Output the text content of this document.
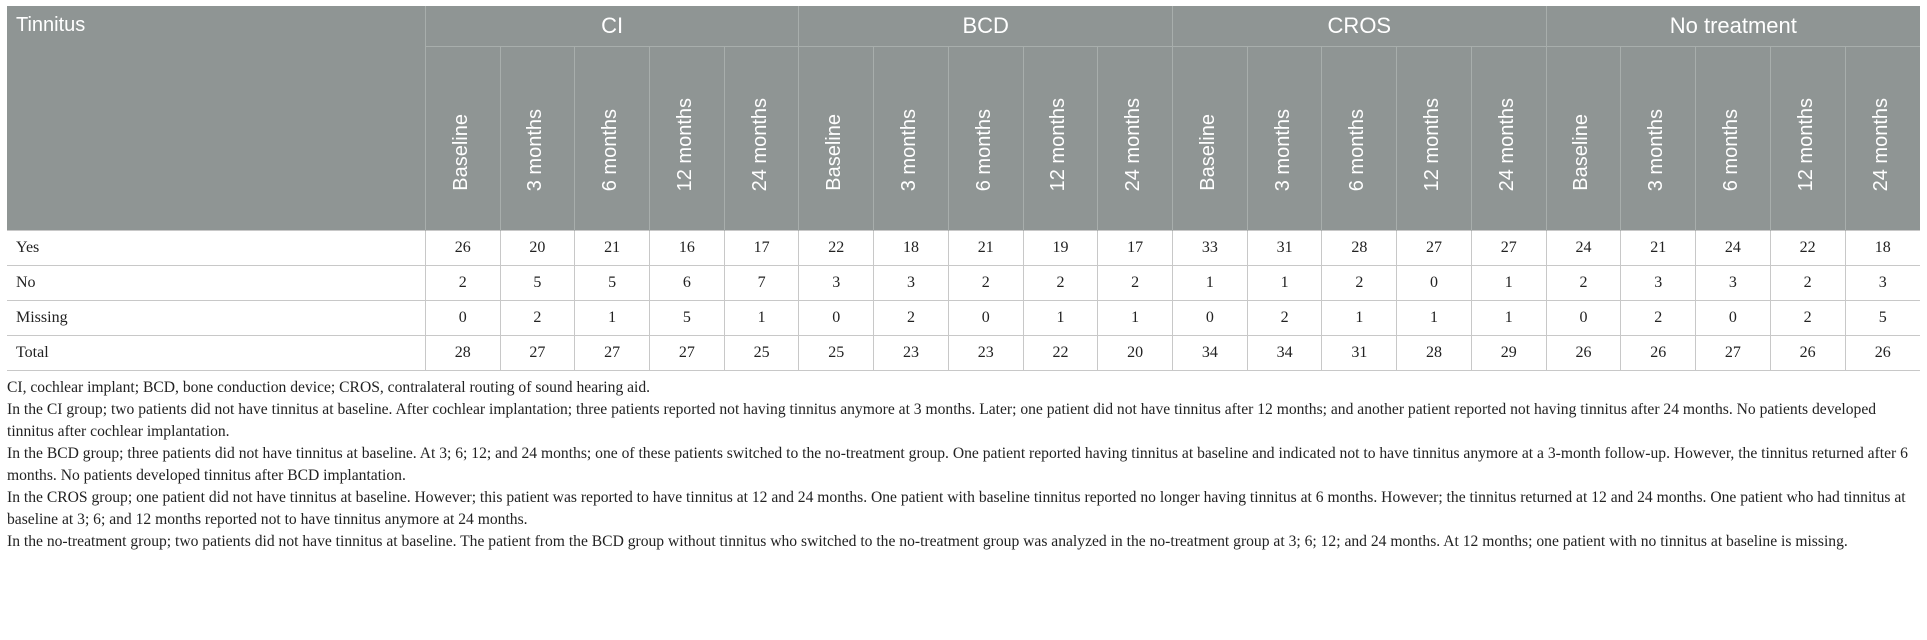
Tinnitus	CI					BCD					CROS					No treatment				

	Baseline	3 months	6 months	12 months	24 months	Baseline	3 months	6 months	12 months	24 months	Baseline	3 months	6 months	12 months	24 months	Baseline	3 months	6 months	12 months	24 months

Yes	26	20	21	16	17	22	18	21	19	17	33	31	28	27	27	24	21	24	22	18
No	2	5	5	6	7	3	3	2	2	2	1	1	2	0	1	2	3	3	2	3
Missing	0	2	1	5	1	0	2	0	1	1	0	2	1	1	1	0	2	0	2	5
Total	28	27	27	27	25	25	23	23	22	20	34	34	31	28	29	26	26	27	26	26

CI, cochlear implant; BCD, bone conduction device; CROS, contralateral routing of sound hearing aid.

In the CI group; two patients did not have tinnitus at baseline. After cochlear implantation; three patients reported not having tinnitus anymore at 3 months. Later; one patient did not have tinnitus after 12 months; and another patient reported not having tinnitus after 24 months. No patients developed tinnitus after cochlear implantation.

In the BCD group; three patients did not have tinnitus at baseline. At 3; 6; 12; and 24 months; one of these patients switched to the no-treatment group. One patient reported having tinnitus at baseline and indicated not to have tinnitus anymore at a 3-month follow-up. However, the tinnitus returned after 6 months. No patients developed tinnitus after BCD implantation.

In the CROS group; one patient did not have tinnitus at baseline. However; this patient was reported to have tinnitus at 12 and 24 months. One patient with baseline tinnitus reported no longer having tinnitus at 6 months. However; the tinnitus returned at 12 and 24 months. One patient who had tinnitus at baseline at 3; 6; and 12 months reported not to have tinnitus anymore at 24 months.

In the no-treatment group; two patients did not have tinnitus at baseline. The patient from the BCD group without tinnitus who switched to the no-treatment group was analyzed in the no-treatment group at 3; 6; 12; and 24 months. At 12 months; one patient with no tinnitus at baseline is missing.
